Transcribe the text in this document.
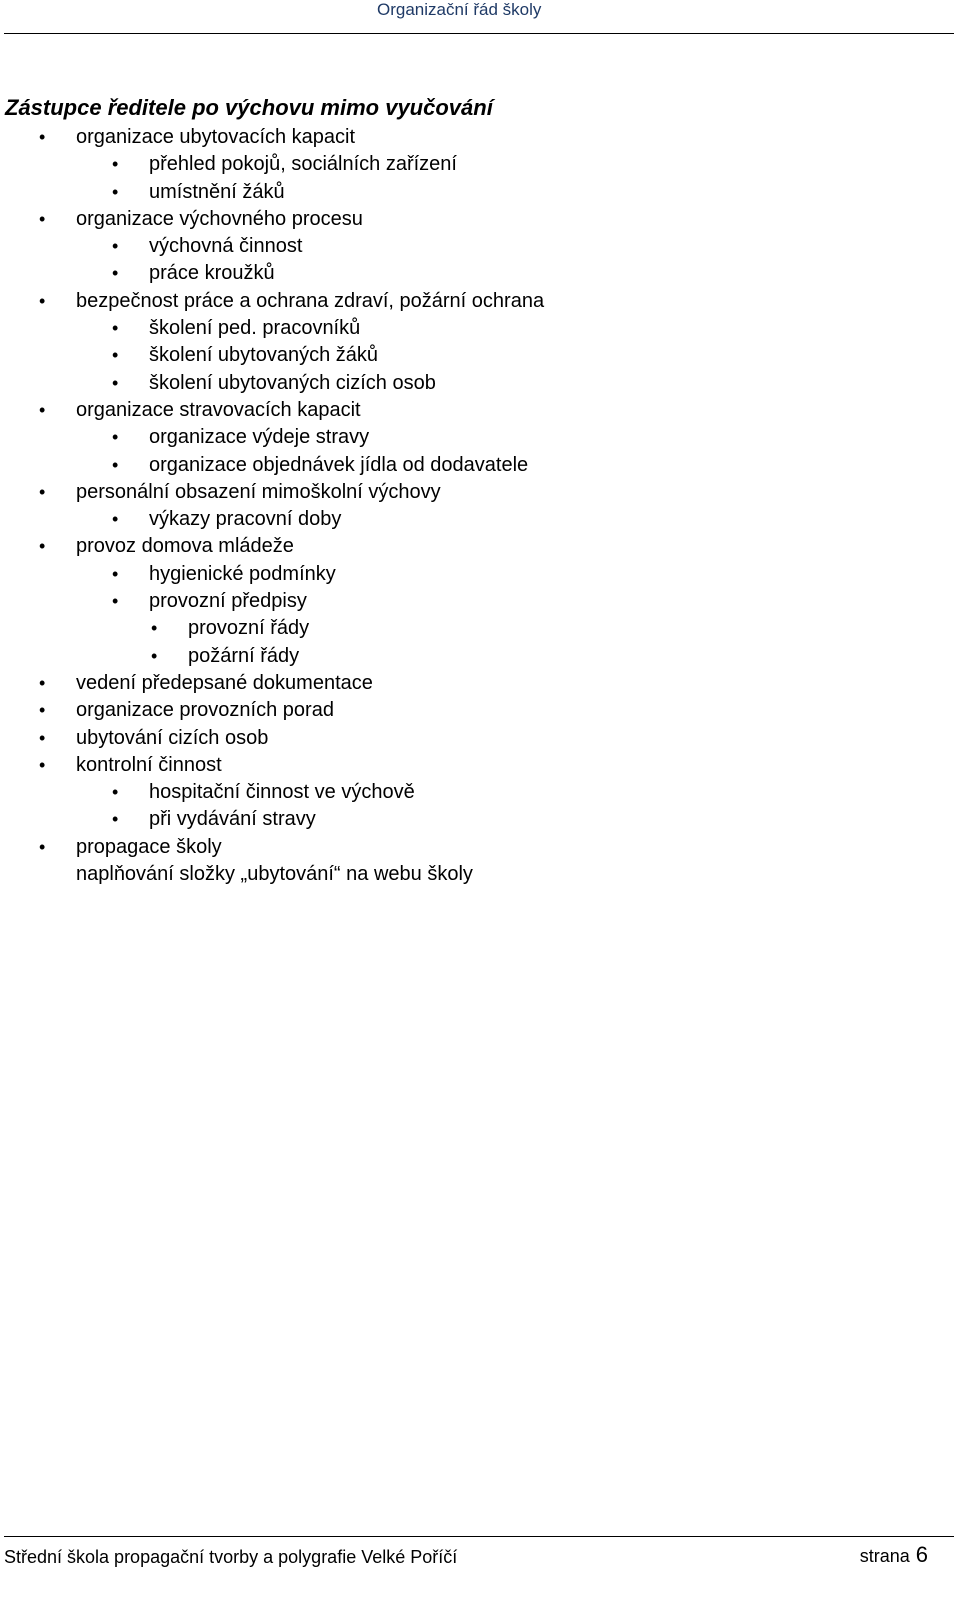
Organizační řád školy
Zástupce ředitele po výchovu mimo vyučování
• organizace ubytovacích kapacit
• přehled pokojů, sociálních zařízení
• umístnění žáků
• organizace výchovného procesu
• výchovná činnost
• práce kroužků
• bezpečnost práce a ochrana zdraví, požární ochrana
• školení ped. pracovníků
• školení ubytovaných žáků
• školení ubytovaných cizích osob
• organizace stravovacích kapacit
• organizace výdeje stravy
• organizace objednávek jídla od dodavatele
• personální obsazení mimoškolní výchovy
• výkazy pracovní doby
• provoz domova mládeže
• hygienické podmínky
• provozní předpisy
• provozní řády
• požární řády
• vedení předepsané dokumentace
• organizace provozních porad
• ubytování cizích osob
• kontrolní činnost
• hospitační činnost ve výchově
• při vydávání stravy
• propagace školy
naplňování složky „ubytování“ na webu školy
Střední škola propagační tvorby a polygrafie Velké Poříčí	strana 6
